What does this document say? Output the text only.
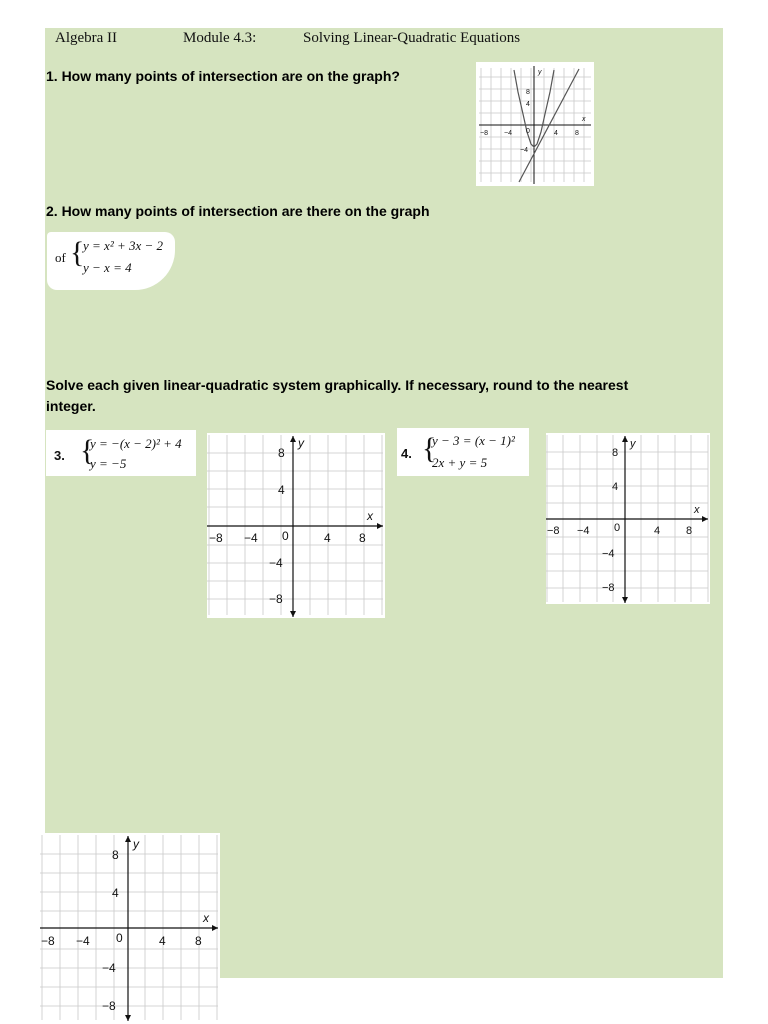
Algebra II	Module 4.3:	Solving Linear-Quadratic Equations
1. How many points of intersection are on the graph?
−8 −4 0	4 8
8
4
−4
x
y
2. How many points of intersection are there on the graph
of {
y = x² + 3x − 2
y − x = 4
Solve each given linear-quadratic system graphically. If necessary, round to the nearest
integer.
3. {
y = −(x − 2)² + 4
y = −5
−8 −4 0	4 8
8
4
−4
−8
x
y
4. {
y − 3 = (x − 1)²
2x + y = 5
−8 −4 0	4 8
8
4
−4
−8
x
y
−8 −4 0	4 8
8
4
−4
−8
x
y
